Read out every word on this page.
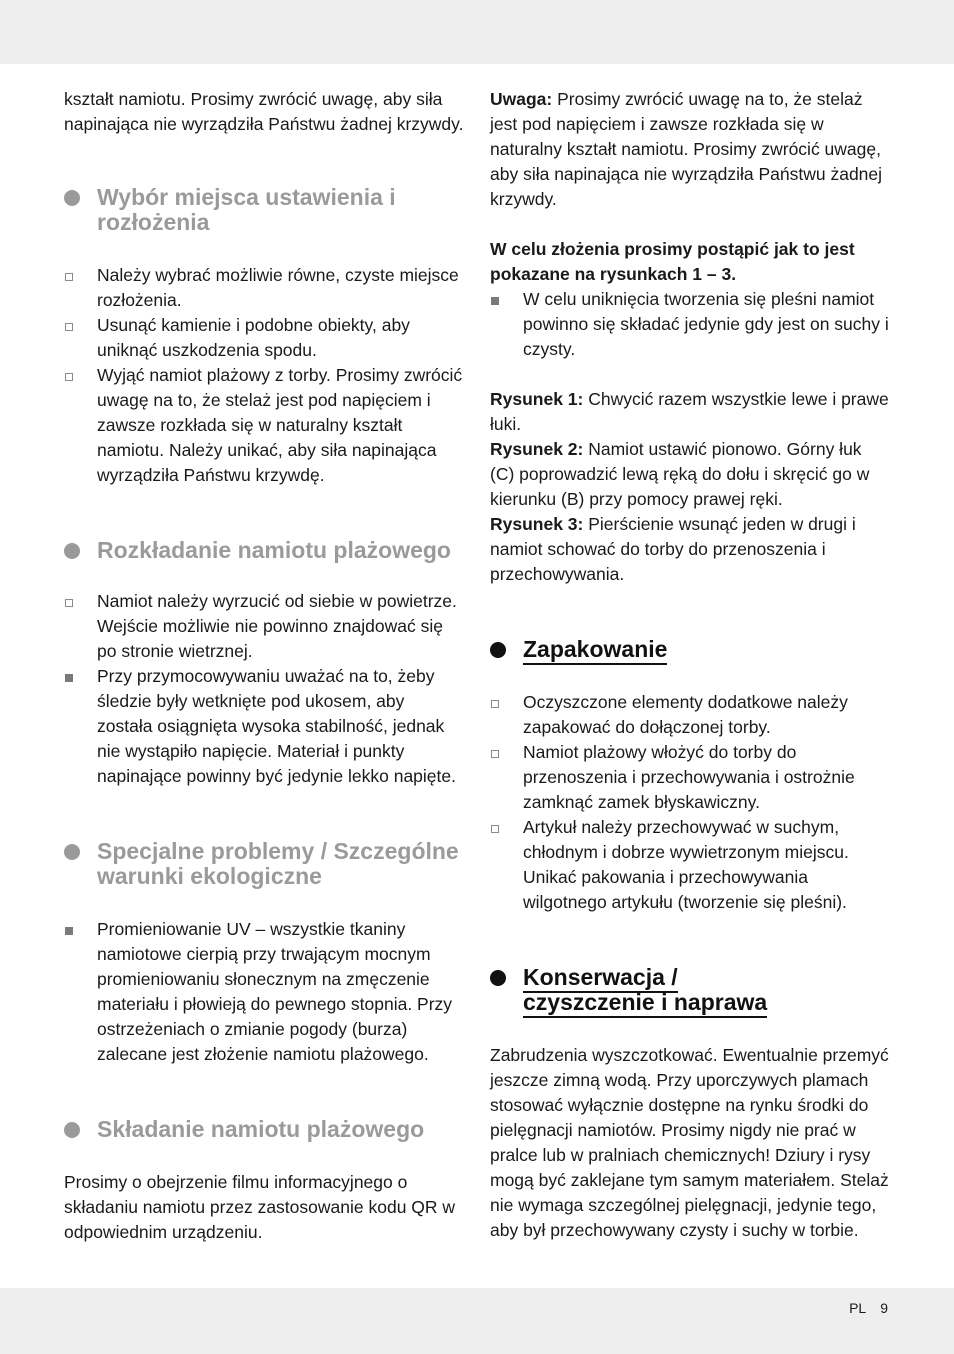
kształt namiotu. Prosimy zwrócić uwagę, aby siła napinająca nie wyrządziła Państwu żadnej krzywdy.

Wybór miejsca ustawienia i rozłożenia
Należy wybrać możliwie równe, czyste miejsce rozłożenia.
Usunąć kamienie i podobne obiekty, aby uniknąć uszkodzenia spodu.
Wyjąć namiot plażowy z torby. Prosimy zwrócić uwagę na to, że stelaż jest pod napięciem i zawsze rozkłada się w naturalny kształt namiotu. Należy unikać, aby siła napinająca wyrządziła Państwu krzywdę.
Rozkładanie namiotu plażowego
Namiot należy wyrzucić od siebie w powietrze. Wejście możliwie nie powinno znajdować się po stronie wietrznej.
Przy przymocowywaniu uważać na to, żeby śledzie były wetknięte pod ukosem, aby została osiągnięta wysoka stabilność, jednak nie wystąpiło napięcie. Materiał i punkty napinające powinny być jedynie lekko napięte.
Specjalne problemy / Szczególne warunki ekologiczne
Promieniowanie UV – wszystkie tkaniny namiotowe cierpią przy trwającym mocnym promieniowaniu słonecznym na zmęczenie materiału i płowieją do pewnego stopnia. Przy ostrzeżeniach o zmianie pogody (burza) zalecane jest złożenie namiotu plażowego.
Składanie namiotu plażowego

Prosimy o obejrzenie filmu informacyjnego o składaniu namiotu przez zastosowanie kodu QR w odpowiednim urządzeniu.

Uwaga: Prosimy zwrócić uwagę na to, że stelaż jest pod napięciem i zawsze rozkłada się w naturalny kształt namiotu. Prosimy zwrócić uwagę, aby siła napinająca nie wyrządziła Państwu żadnej krzywdy.

W celu złożenia prosimy postąpić jak to jest pokazane na rysunkach 1 – 3.

W celu uniknięcia tworzenia się pleśni namiot powinno się składać jedynie gdy jest on suchy i czysty.

Rysunek 1: Chwycić razem wszystkie lewe i prawe łuki.

Rysunek 2: Namiot ustawić pionowo. Górny łuk (C) poprowadzić lewą ręką do dołu i skręcić go w kierunku (B) przy pomocy prawej ręki.

Rysunek 3: Pierścienie wsunąć jeden w drugi i namiot schować do torby do przenoszenia i przechowywania.

Zapakowanie
Oczyszczone elementy dodatkowe należy zapakować do dołączonej torby.
Namiot plażowy włożyć do torby do przenoszenia i przechowywania i ostrożnie zamknąć zamek błyskawiczny.
Artykuł należy przechowywać w suchym, chłodnym i dobrze wywietrzonym miejscu. Unikać pakowania i przechowywania wilgotnego artykułu (tworzenie się pleśni).
Konserwacja /
czyszczenie i naprawa

Zabrudzenia wyszczotkować. Ewentualnie przemyć jeszcze zimną wodą. Przy uporczywych plamach stosować wyłącznie dostępne na rynku środki do pielęgnacji namiotów. Prosimy nigdy nie prać w pralce lub w pralniach chemicznych! Dziury i rysy mogą być zaklejane tym samym materiałem. Stelaż nie wymaga szczególnej pielęgnacji, jedynie tego, aby był przechowywany czysty i suchy w torbie.

PL 9
